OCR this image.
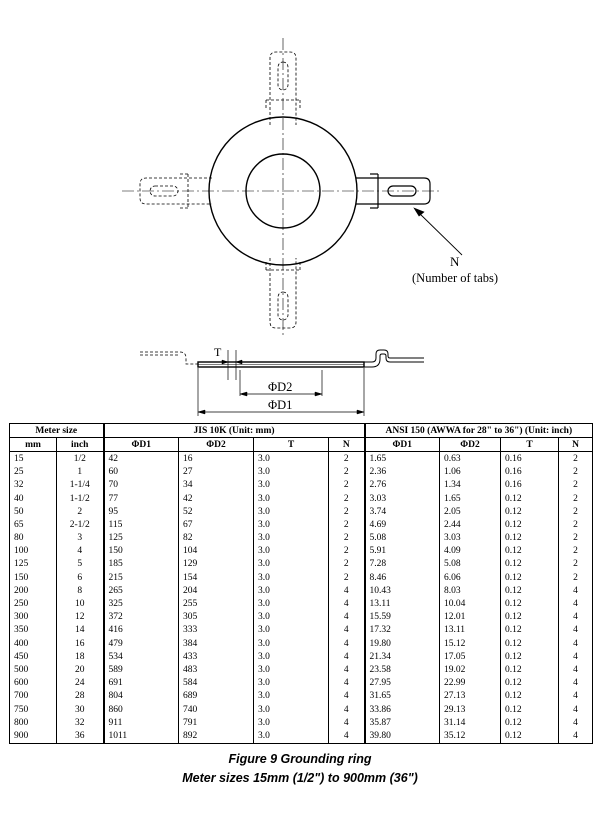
N
(Number of tabs)
T
ΦD2
ΦD1
Meter size		JIS 10K (Unit: mm)				ANSI 150 (AWWA for 28" to 36") (Unit: inch)			
mm	inch	ΦD1	ΦD2	T	N	ΦD1	ΦD2	T	N
15	1/2	42	16	3.0	2	1.65	0.63	0.16	2
25	1	60	27	3.0	2	2.36	1.06	0.16	2
32	1-1/4	70	34	3.0	2	2.76	1.34	0.16	2
40	1-1/2	77	42	3.0	2	3.03	1.65	0.12	2
50	2	95	52	3.0	2	3.74	2.05	0.12	2
65	2-1/2	115	67	3.0	2	4.69	2.44	0.12	2
80	3	125	82	3.0	2	5.08	3.03	0.12	2
100	4	150	104	3.0	2	5.91	4.09	0.12	2
125	5	185	129	3.0	2	7.28	5.08	0.12	2
150	6	215	154	3.0	2	8.46	6.06	0.12	2
200	8	265	204	3.0	4	10.43	8.03	0.12	4
250	10	325	255	3.0	4	13.11	10.04	0.12	4
300	12	372	305	3.0	4	15.59	12.01	0.12	4
350	14	416	333	3.0	4	17.32	13.11	0.12	4
400	16	479	384	3.0	4	19.80	15.12	0.12	4
450	18	534	433	3.0	4	21.34	17.05	0.12	4
500	20	589	483	3.0	4	23.58	19.02	0.12	4
600	24	691	584	3.0	4	27.95	22.99	0.12	4
700	28	804	689	3.0	4	31.65	27.13	0.12	4
750	30	860	740	3.0	4	33.86	29.13	0.12	4
800	32	911	791	3.0	4	35.87	31.14	0.12	4
900	36	1011	892	3.0	4	39.80	35.12	0.12	4
Figure 9 Grounding ring
Meter sizes 15mm (1/2") to 900mm (36")
